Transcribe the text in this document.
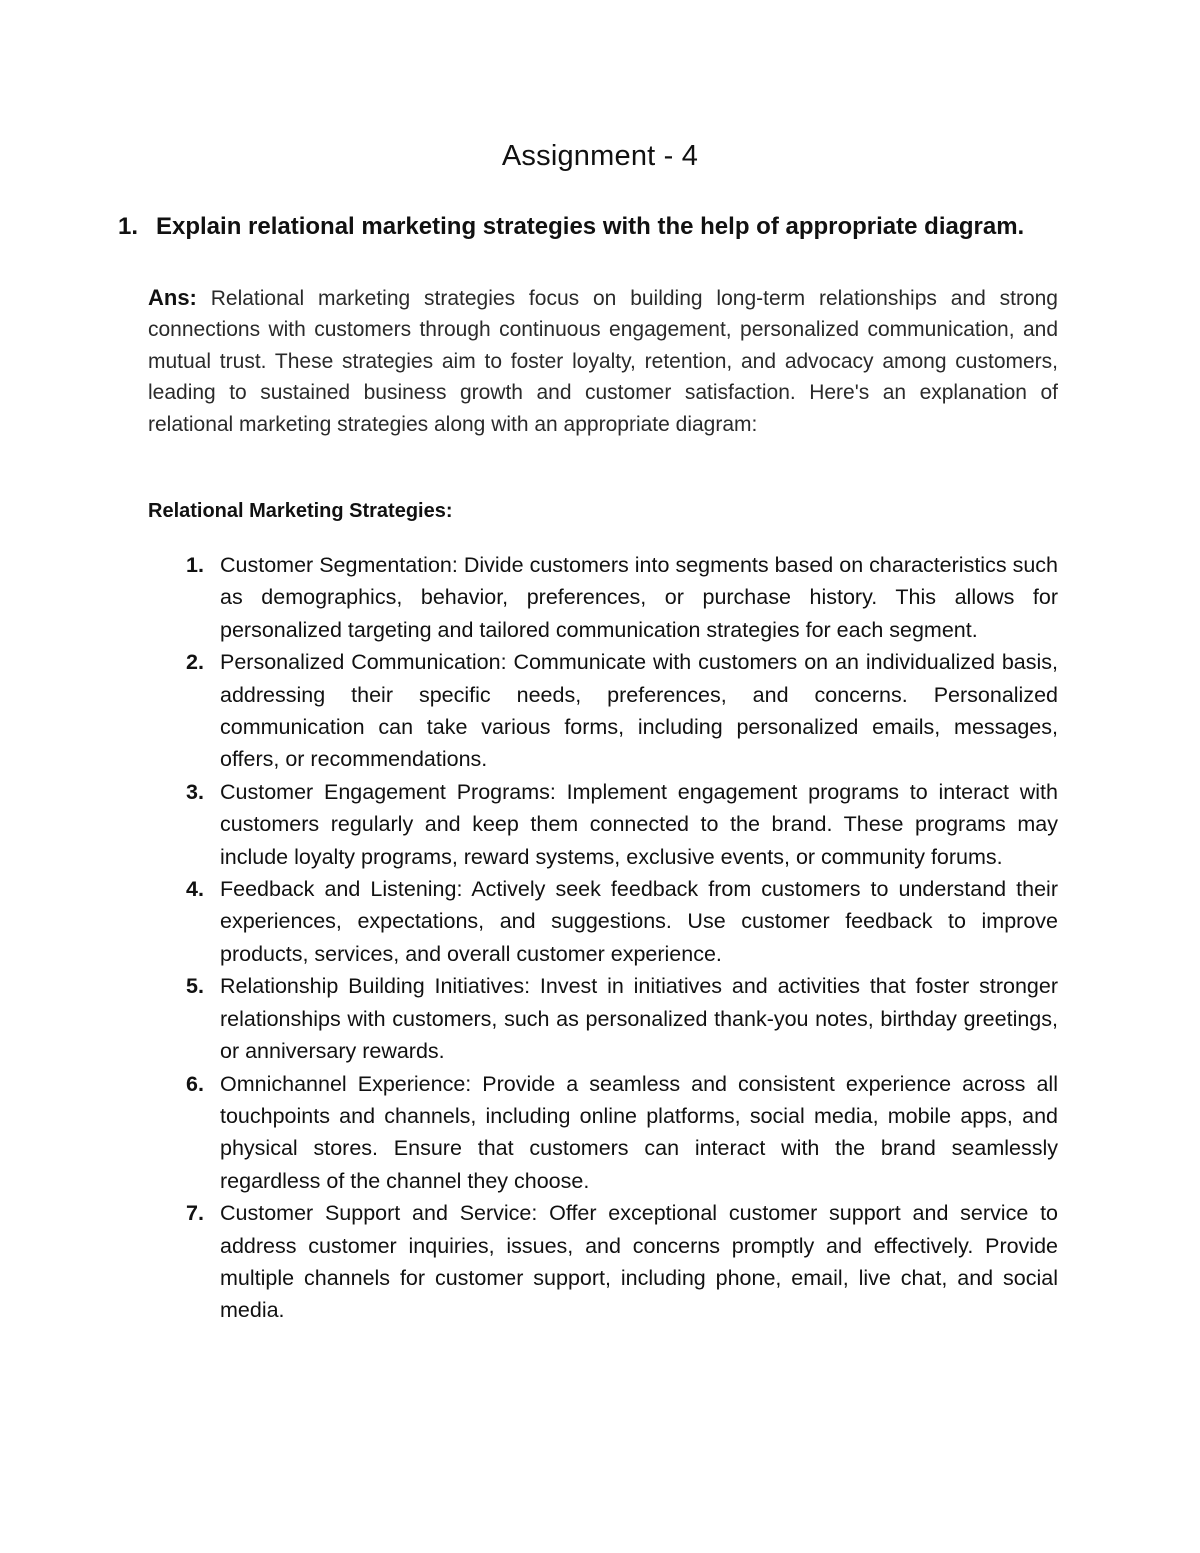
Assignment - 4
1. Explain relational marketing strategies with the help of appropriate diagram.
Ans: Relational marketing strategies focus on building long-term relationships and strong connections with customers through continuous engagement, personalized communication, and mutual trust. These strategies aim to foster loyalty, retention, and advocacy among customers, leading to sustained business growth and customer satisfaction. Here's an explanation of relational marketing strategies along with an appropriate diagram:
Relational Marketing Strategies:
1. Customer Segmentation: Divide customers into segments based on characteristics such as demographics, behavior, preferences, or purchase history. This allows for personalized targeting and tailored communication strategies for each segment.
2. Personalized Communication: Communicate with customers on an individualized basis, addressing their specific needs, preferences, and concerns. Personalized communication can take various forms, including personalized emails, messages, offers, or recommendations.
3. Customer Engagement Programs: Implement engagement programs to interact with customers regularly and keep them connected to the brand. These programs may include loyalty programs, reward systems, exclusive events, or community forums.
4. Feedback and Listening: Actively seek feedback from customers to understand their experiences, expectations, and suggestions. Use customer feedback to improve products, services, and overall customer experience.
5. Relationship Building Initiatives: Invest in initiatives and activities that foster stronger relationships with customers, such as personalized thank-you notes, birthday greetings, or anniversary rewards.
6. Omnichannel Experience: Provide a seamless and consistent experience across all touchpoints and channels, including online platforms, social media, mobile apps, and physical stores. Ensure that customers can interact with the brand seamlessly regardless of the channel they choose.
7. Customer Support and Service: Offer exceptional customer support and service to address customer inquiries, issues, and concerns promptly and effectively. Provide multiple channels for customer support, including phone, email, live chat, and social media.
